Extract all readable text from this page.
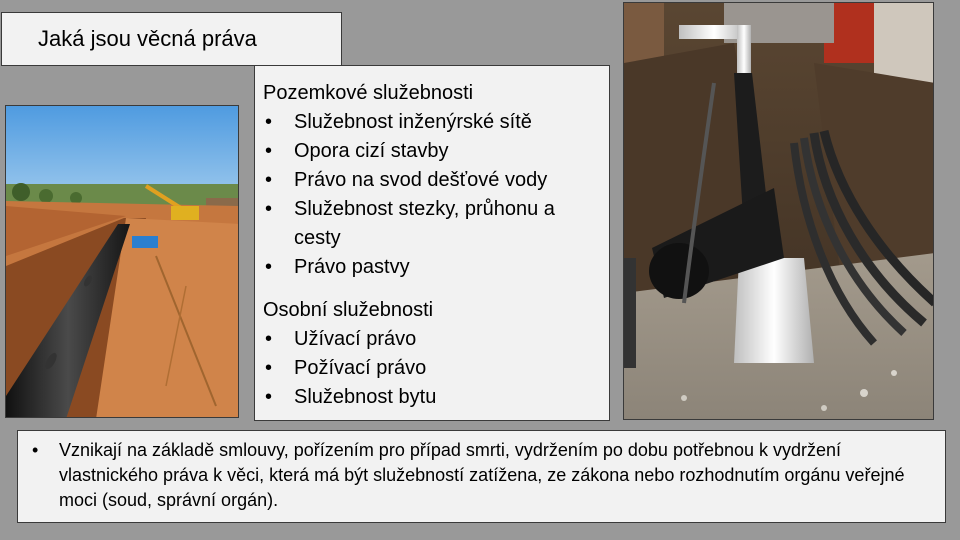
Jaká jsou věcná práva
Pozemkové služebnosti
• Služebnost inženýrské sítě
• Opora cizí stavby
• Právo na svod dešťové vody
• Služebnost stezky, průhonu a cesty
• Právo pastvy
Osobní služebnosti
• Užívací právo
• Požívací právo
• Služebnost bytu
• Vznikají na základě smlouvy, pořízením pro případ smrti, vydržením po dobu potřebnou k vydržení vlastnického práva k věci, která má být služebností zatížena, ze zákona nebo rozhodnutím orgánu veřejné moci (soud, správní orgán).
